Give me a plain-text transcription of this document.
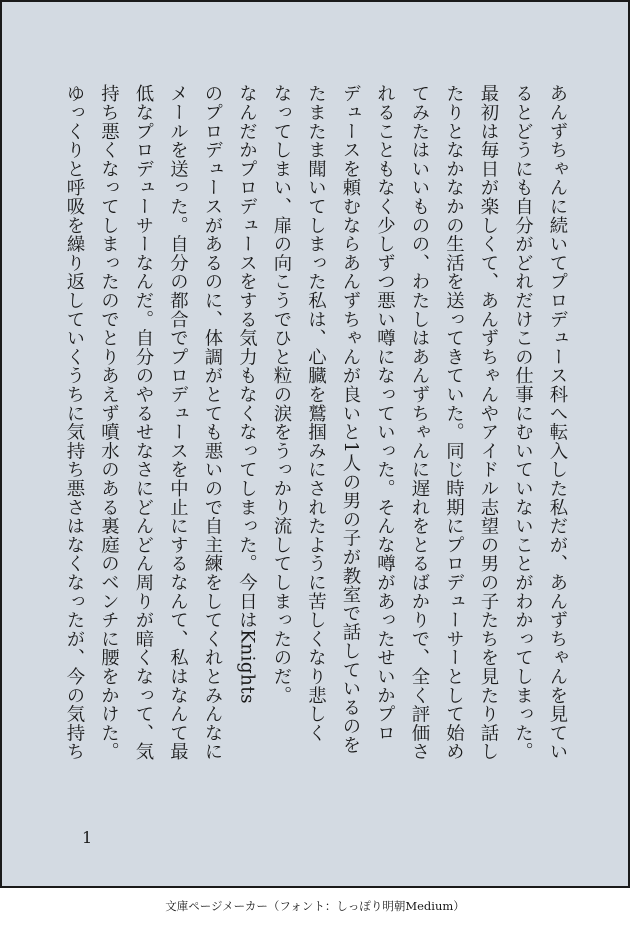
あんずちゃんに続いてプロデュース科へ転入した私だが、あんずちゃんを見てい

るとどうにも自分がどれだけこの仕事にむいていないことがわかってしまった。

最初は毎日が楽しくて、あんずちゃんやアイドル志望の男の子たちを見たり話し

たりとなかなかの生活を送ってきていた。同じ時期にプロデューサーとして始め

てみたはいいものの、わたしはあんずちゃんに遅れをとるばかりで、全く評価さ

れることもなく少しずつ悪い噂になっていった。そんな噂があったせいかプロ

デュースを頼むならあんずちゃんが良いと1人の男の子が教室で話しているのを

たまたま聞いてしまった私は、心臓を鷲掴みにされたように苦しくなり悲しく

なってしまい、扉の向こうでひと粒の涙をうっかり流してしまったのだ。

なんだかプロデュースをする気力もなくなってしまった。今日はKnights

のプロデュースがあるのに、体調がとても悪いので自主練をしてくれとみんなに

メールを送った。自分の都合でプロデュースを中止にするなんて、私はなんて最

低なプロデューサーなんだ。自分のやるせなさにどんどん周りが暗くなって、気

持ち悪くなってしまったのでとりあえず噴水のある裏庭のベンチに腰をかけた。

ゆっくりと呼吸を繰り返していくうちに気持ち悪さはなくなったが、今の気持ち

1
文庫ページメーカー（フォント：しっぽり明朝Medium）
